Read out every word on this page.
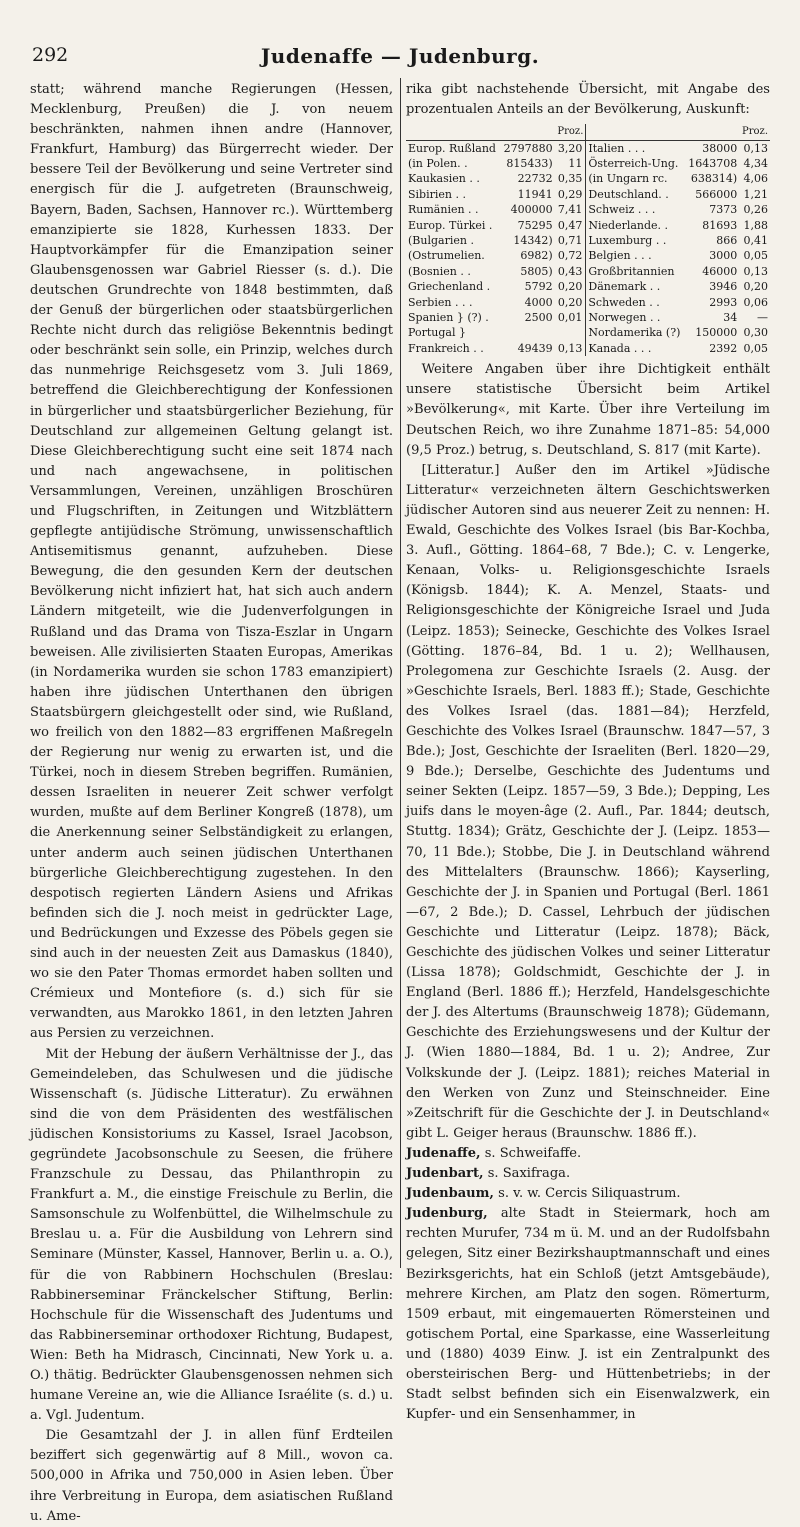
292	Judenaffe — Judenburg.

statt; während manche Regierungen (Hessen, Mecklenburg, Preußen) die J. von neuem beschränkten, nahmen ihnen andre (Hannover, Frankfurt, Hamburg) das Bürgerrecht wieder. Der bessere Teil der Bevölkerung und seine Vertreter sind energisch für die J. aufgetreten (Braunschweig, Bayern, Baden, Sachsen, Hannover rc.). Württemberg emanzipierte sie 1828, Kurhessen 1833. Der Hauptvorkämpfer für die Emanzipation seiner Glaubensgenossen war Gabriel Riesser (s. d.). Die deutschen Grundrechte von 1848 bestimmten, daß der Genuß der bürgerlichen oder staatsbürgerlichen Rechte nicht durch das religiöse Bekenntnis bedingt oder beschränkt sein solle, ein Prinzip, welches durch das nunmehrige Reichsgesetz vom 3. Juli 1869, betreffend die Gleichberechtigung der Konfessionen in bürgerlicher und staatsbürgerlicher Beziehung, für Deutschland zur allgemeinen Geltung gelangt ist. Diese Gleichberechtigung sucht eine seit 1874 nach und nach angewachsene, in politischen Versammlungen, Vereinen, unzähligen Broschüren und Flugschriften, in Zeitungen und Witzblättern gepflegte antijüdische Strömung, unwissenschaftlich Antisemitismus genannt, aufzuheben. Diese Bewegung, die den gesunden Kern der deutschen Bevölkerung nicht infiziert hat, hat sich auch andern Ländern mitgeteilt, wie die Judenverfolgungen in Rußland und das Drama von Tisza-Eszlar in Ungarn beweisen. Alle zivilisierten Staaten Europas, Amerikas (in Nordamerika wurden sie schon 1783 emanzipiert) haben ihre jüdischen Unterthanen den übrigen Staatsbürgern gleichgestellt oder sind, wie Rußland, wo freilich von den 1882—83 ergriffenen Maßregeln der Regierung nur wenig zu erwarten ist, und die Türkei, noch in diesem Streben begriffen. Rumänien, dessen Israeliten in neuerer Zeit schwer verfolgt wurden, mußte auf dem Berliner Kongreß (1878), um die Anerkennung seiner Selbständigkeit zu erlangen, unter anderm auch seinen jüdischen Unterthanen bürgerliche Gleichberechtigung zugestehen. In den despotisch regierten Ländern Asiens und Afrikas befinden sich die J. noch meist in gedrückter Lage, und Bedrückungen und Exzesse des Pöbels gegen sie sind auch in der neuesten Zeit aus Damaskus (1840), wo sie den Pater Thomas ermordet haben sollten und Crémieux und Montefiore (s. d.) sich für sie verwandten, aus Marokko 1861, in den letzten Jahren aus Persien zu verzeichnen.

Mit der Hebung der äußern Verhältnisse der J., das Gemeindeleben, das Schulwesen und die jüdische Wissenschaft (s. Jüdische Litteratur). Zu erwähnen sind die von dem Präsidenten des westfälischen jüdischen Konsistoriums zu Kassel, Israel Jacobson, gegründete Jacobsonschule zu Seesen, die frühere Franzschule zu Dessau, das Philanthropin zu Frankfurt a. M., die einstige Freischule zu Berlin, die Samsonschule zu Wolfenbüttel, die Wilhelmschule zu Breslau u. a. Für die Ausbildung von Lehrern sind Seminare (Münster, Kassel, Hannover, Berlin u. a. O.), für die von Rabbinern Hochschulen (Breslau: Rabbinerseminar Fränckelscher Stiftung, Berlin: Hochschule für die Wissenschaft des Judentums und das Rabbinerseminar orthodoxer Richtung, Budapest, Wien: Beth ha Midrasch, Cincinnati, New York u. a. O.) thätig. Bedrückter Glaubensgenossen nehmen sich humane Vereine an, wie die Alliance Israélite (s. d.) u. a. Vgl. Judentum.

Die Gesamtzahl der J. in allen fünf Erdteilen beziffert sich gegenwärtig auf 8 Mill., wovon ca. 500,000 in Afrika und 750,000 in Asien leben. Über ihre Verbreitung in Europa, dem asiatischen Rußland u. Ame-

rika gibt nachstehende Übersicht, mit Angabe des prozentualen Anteils an der Bevölkerung, Auskunft:

		Proz.			Proz.
Europ. Rußland	2797880	3,20	Italien . . .	38000	0,13
(in Polen. .	815433)	11	Österreich-Ung.	1643708	4,34
Kaukasien . .	22732	0,35	(in Ungarn rc.	638314)	4,06
Sibirien . .	11941	0,29	Deutschland. .	566000	1,21
Rumänien . .	400000	7,41	Schweiz . . .	7373	0,26
Europ. Türkei .	75295	0,47	Niederlande. .	81693	1,88
(Bulgarien .	14342)	0,71	Luxemburg . .	866	0,41
(Ostrumelien.	6982)	0,72	Belgien . . .	3000	0,05
(Bosnien . .	5805)	0,43	Großbritannien	46000	0,13
Griechenland .	5792	0,20	Dänemark . .	3946	0,20
Serbien . . .	4000	0,20	Schweden . .	2993	0,06
Spanien } (?) .	2500	0,01	Norwegen . .	34	—
Portugal }			Nordamerika (?)	150000	0,30
Frankreich . .	49439	0,13	Kanada . . .	2392	0,05

Weitere Angaben über ihre Dichtigkeit enthält unsere statistische Übersicht beim Artikel »Bevölkerung«, mit Karte. Über ihre Verteilung im Deutschen Reich, wo ihre Zunahme 1871–85: 54,000 (9,5 Proz.) betrug, s. Deutschland, S. 817 (mit Karte).

[Litteratur.] Außer den im Artikel »Jüdische Litteratur« verzeichneten ältern Geschichtswerken jüdischer Autoren sind aus neuerer Zeit zu nennen: H. Ewald, Geschichte des Volkes Israel (bis Bar-Kochba, 3. Aufl., Götting. 1864–68, 7 Bde.); C. v. Lengerke, Kenaan, Volks- u. Religionsgeschichte Israels (Königsb. 1844); K. A. Menzel, Staats- und Religionsgeschichte der Königreiche Israel und Juda (Leipz. 1853); Seinecke, Geschichte des Volkes Israel (Götting. 1876–84, Bd. 1 u. 2); Wellhausen, Prolegomena zur Geschichte Israels (2. Ausg. der »Geschichte Israels, Berl. 1883 ff.); Stade, Geschichte des Volkes Israel (das. 1881—84); Herzfeld, Geschichte des Volkes Israel (Braunschw. 1847—57, 3 Bde.); Jost, Geschichte der Israeliten (Berl. 1820—29, 9 Bde.); Derselbe, Geschichte des Judentums und seiner Sekten (Leipz. 1857—59, 3 Bde.); Depping, Les juifs dans le moyen-âge (2. Aufl., Par. 1844; deutsch, Stuttg. 1834); Grätz, Geschichte der J. (Leipz. 1853—70, 11 Bde.); Stobbe, Die J. in Deutschland während des Mittelalters (Braunschw. 1866); Kayserling, Geschichte der J. in Spanien und Portugal (Berl. 1861—67, 2 Bde.); D. Cassel, Lehrbuch der jüdischen Geschichte und Litteratur (Leipz. 1878); Bäck, Geschichte des jüdischen Volkes und seiner Litteratur (Lissa 1878); Goldschmidt, Geschichte der J. in England (Berl. 1886 ff.); Herzfeld, Handelsgeschichte der J. des Altertums (Braunschweig 1878); Güdemann, Geschichte des Erziehungswesens und der Kultur der J. (Wien 1880—1884, Bd. 1 u. 2); Andree, Zur Volkskunde der J. (Leipz. 1881); reiches Material in den Werken von Zunz und Steinschneider. Eine »Zeitschrift für die Geschichte der J. in Deutschland« gibt L. Geiger heraus (Braunschw. 1886 ff.).

Judenaffe, s. Schweifaffe.

Judenbart, s. Saxifraga.

Judenbaum, s. v. w. Cercis Siliquastrum.

Judenburg, alte Stadt in Steiermark, hoch am rechten Murufer, 734 m ü. M. und an der Rudolfsbahn gelegen, Sitz einer Bezirkshauptmannschaft und eines Bezirksgerichts, hat ein Schloß (jetzt Amtsgebäude), mehrere Kirchen, am Platz den sogen. Römerturm, 1509 erbaut, mit eingemauerten Römersteinen und gotischem Portal, eine Sparkasse, eine Wasserleitung und (1880) 4039 Einw. J. ist ein Zentralpunkt des obersteirischen Berg- und Hüttenbetriebs; in der Stadt selbst befinden sich ein Eisenwalzwerk, ein Kupfer- und ein Sensenhammer, in
